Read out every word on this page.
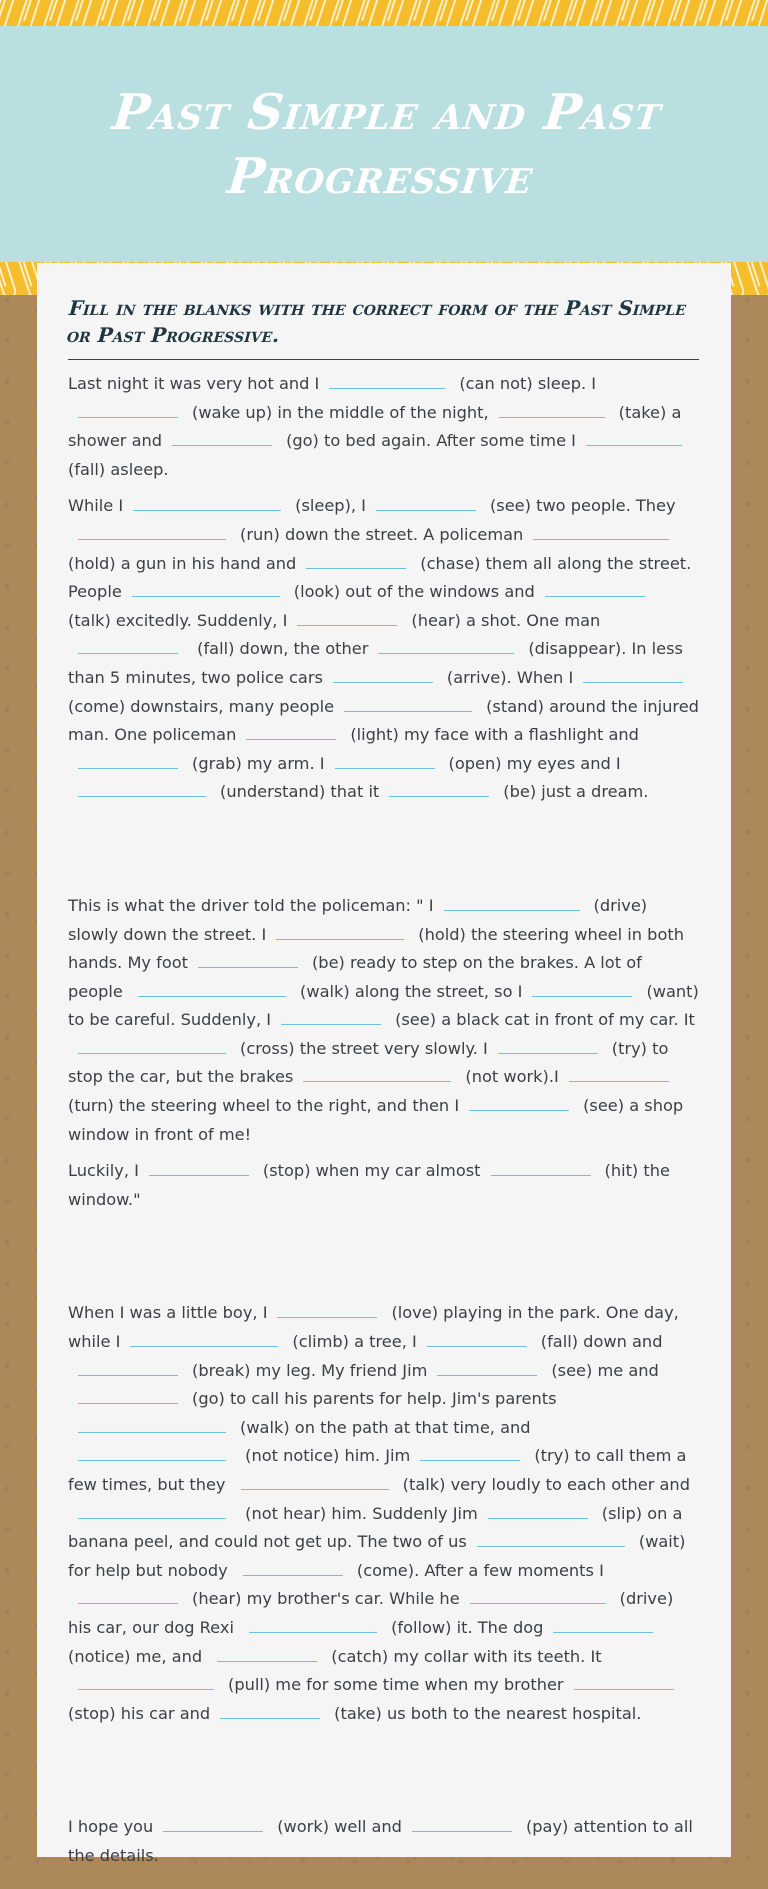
Past Simple and Past Progressive
Fill in the blanks with the correct form of the Past Simple or Past Progressive.

Last night it was very hot and I	(can not) sleep. I (wake up) in the middle of the night,	(take) a shower and	(go) to bed again. After some time I(fall) asleep.

While I	(sleep), I	(see) two people. They (run) down the street. A policeman (hold) a gun in his hand and	(chase) them all along the street. People	(look) out of the windows and(talk) excitedly. Suddenly, I	(hear) a shot. One man (fall) down, the other	(disappear). In less than 5 minutes, two police cars	(arrive). When I(come) downstairs, many people	(stand) around the injured man. One policeman	(light) my face with a flashlight and (grab) my arm. I	(open) my eyes and I (understand) that it	(be) just a dream.

This is what the driver told the policeman: " I	(drive) slowly down the street. I	(hold) the steering wheel in both hands. My foot	(be) ready to step on the brakes. A lot of people	(walk) along the street, so I	(want) to be careful. Suddenly, I	(see) a black cat in front of my car. It (cross) the street very slowly. I	(try) to stop the car, but the brakes	(not work).I(turn) the steering wheel to the right, and then I	(see) a shop window in front of me!

Luckily, I	(stop) when my car almost	(hit) the window."

When I was a little boy, I	(love) playing in the park. One day, while I	(climb) a tree, I	(fall) down and (break) my leg. My friend Jim	(see) me and (go) to call his parents for help. Jim's parents (walk) on the path at that time, and (not notice) him. Jim	(try) to call them a few times, but they	(talk) very loudly to each other and (not hear) him. Suddenly Jim	(slip) on a banana peel, and could not get up. The two of us	(wait) for help but nobody	(come). After a few moments I(hear) my brother's car. While he	(drive) his car, our dog Rexi	(follow) it. The dog(notice) me, and	(catch) my collar with its teeth. It(pull) me for some time when my brother(stop) his car and	(take) us both to the nearest hospital.

I hope you	(work) well and	(pay) attention to all the details.
